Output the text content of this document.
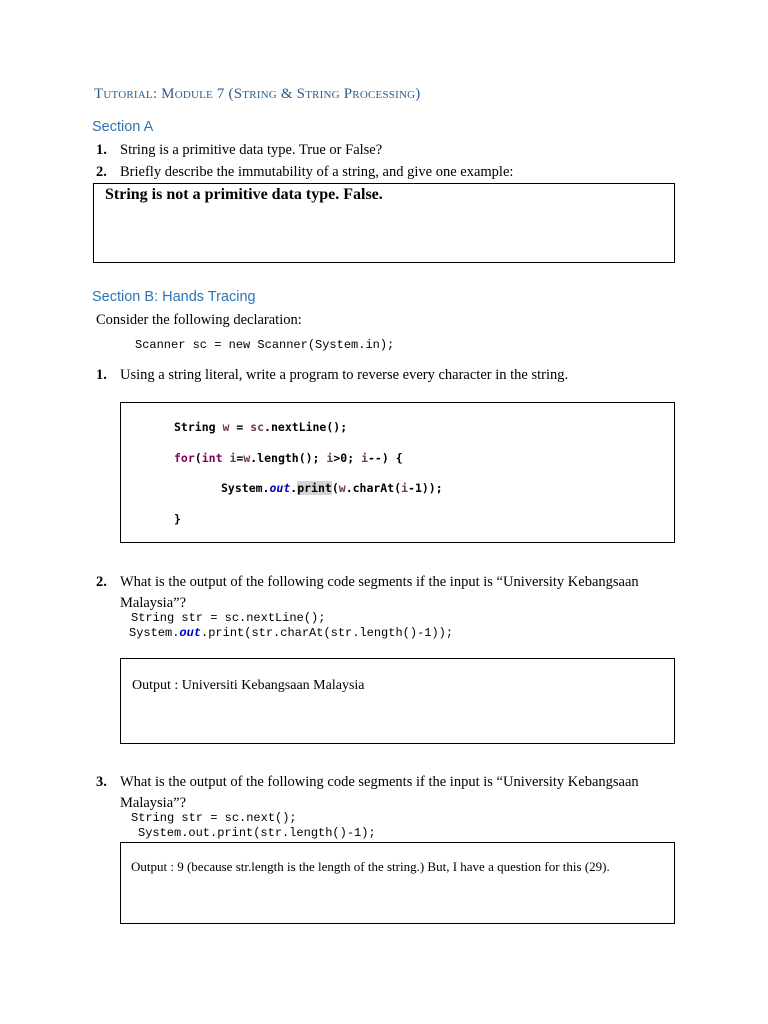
Tutorial: Module 7 (String & String Processing)
Section A
1. String is a primitive data type. True or False?
2. Briefly describe the immutability of a string, and give one example:
String is not a primitive data type. False.
Section B: Hands Tracing
Consider the following declaration:
Scanner sc = new Scanner(System.in);
1. Using a string literal, write a program to reverse every character in the string.
String w = sc.nextLine();
for(int i=w.length(); i>0; i--) {
System.out.print(w.charAt(i-1));
}
2. What is the output of the following code segments if the input is “University Kebangsaan
Malaysia”?
String str = sc.nextLine();
System.out.print(str.charAt(str.length()-1));
Output : Universiti Kebangsaan Malaysia
3. What is the output of the following code segments if the input is “University Kebangsaan
Malaysia”?
String str = sc.next();
System.out.print(str.length()-1);
Output : 9 (because str.length is the length of the string.) But, I have a question for this (29).
